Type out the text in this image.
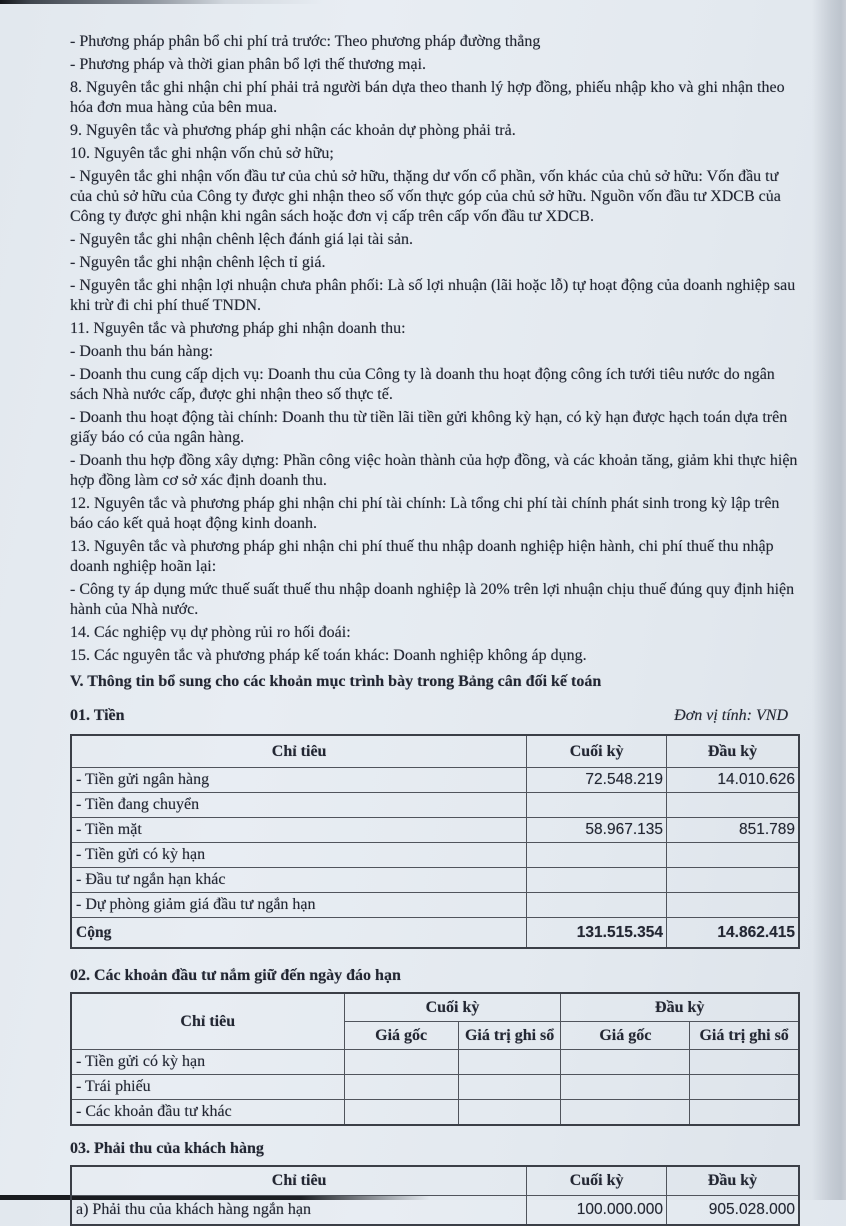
- Phương pháp phân bổ chi phí trả trước: Theo phương pháp đường thẳng

- Phương pháp và thời gian phân bổ lợi thế thương mại.

8. Nguyên tắc ghi nhận chi phí phải trả người bán dựa theo thanh lý hợp đồng, phiếu nhập kho và ghi nhận theo hóa đơn mua hàng của bên mua.

9. Nguyên tắc và phương pháp ghi nhận các khoản dự phòng phải trả.

10. Nguyên tắc ghi nhận vốn chủ sở hữu;

- Nguyên tắc ghi nhận vốn đầu tư của chủ sở hữu, thặng dư vốn cổ phần, vốn khác của chủ sở hữu: Vốn đầu tư của chủ sở hữu của Công ty được ghi nhận theo số vốn thực góp của chủ sở hữu. Nguồn vốn đầu tư XDCB của Công ty được ghi nhận khi ngân sách hoặc đơn vị cấp trên cấp vốn đầu tư XDCB.

- Nguyên tắc ghi nhận chênh lệch đánh giá lại tài sản.

- Nguyên tắc ghi nhận chênh lệch tỉ giá.

- Nguyên tắc ghi nhận lợi nhuận chưa phân phối: Là số lợi nhuận (lãi hoặc lỗ) tự hoạt động của doanh nghiệp sau khi trừ đi chi phí thuế TNDN.

11. Nguyên tắc và phương pháp ghi nhận doanh thu:

- Doanh thu bán hàng:

- Doanh thu cung cấp dịch vụ: Doanh thu của Công ty là doanh thu hoạt động công ích tưới tiêu nước do ngân sách Nhà nước cấp, được ghi nhận theo số thực tế.

- Doanh thu hoạt động tài chính: Doanh thu từ tiền lãi tiền gửi không kỳ hạn, có kỳ hạn được hạch toán dựa trên giấy báo có của ngân hàng.

- Doanh thu hợp đồng xây dựng: Phần công việc hoàn thành của hợp đồng, và các khoản tăng, giảm khi thực hiện hợp đồng làm cơ sở xác định doanh thu.

12. Nguyên tắc và phương pháp ghi nhận chi phí tài chính: Là tổng chi phí tài chính phát sinh trong kỳ lập trên báo cáo kết quả hoạt động kinh doanh.

13. Nguyên tắc và phương pháp ghi nhận chi phí thuế thu nhập doanh nghiệp hiện hành, chi phí thuế thu nhập doanh nghiệp hoãn lại:

- Công ty áp dụng mức thuế suất thuế thu nhập doanh nghiệp là 20% trên lợi nhuận chịu thuế đúng quy định hiện hành của Nhà nước.

14. Các nghiệp vụ dự phòng rủi ro hối đoái:

15. Các nguyên tắc và phương pháp kế toán khác: Doanh nghiệp không áp dụng.

V. Thông tin bổ sung cho các khoản mục trình bày trong Bảng cân đối kế toán

01. Tiền	Đơn vị tính: VND
Chỉ tiêu	Cuối kỳ	Đầu kỳ
- Tiền gửi ngân hàng	72.548.219	14.010.626
- Tiền đang chuyển		
- Tiền mặt	58.967.135	851.789
- Tiền gửi có kỳ hạn		
- Đầu tư ngắn hạn khác		
- Dự phòng giảm giá đầu tư ngắn hạn		
Cộng	131.515.354	14.862.415

02. Các khoản đầu tư nắm giữ đến ngày đáo hạn

Chỉ tiêu	Cuối kỳ		Đầu kỳ	
	Giá gốc	Giá trị ghi sổ	Giá gốc	Giá trị ghi sổ
- Tiền gửi có kỳ hạn				
- Trái phiếu				
- Các khoản đầu tư khác				

03. Phải thu của khách hàng

Chỉ tiêu	Cuối kỳ	Đầu kỳ
a) Phải thu của khách hàng ngắn hạn	100.000.000	905.028.000
